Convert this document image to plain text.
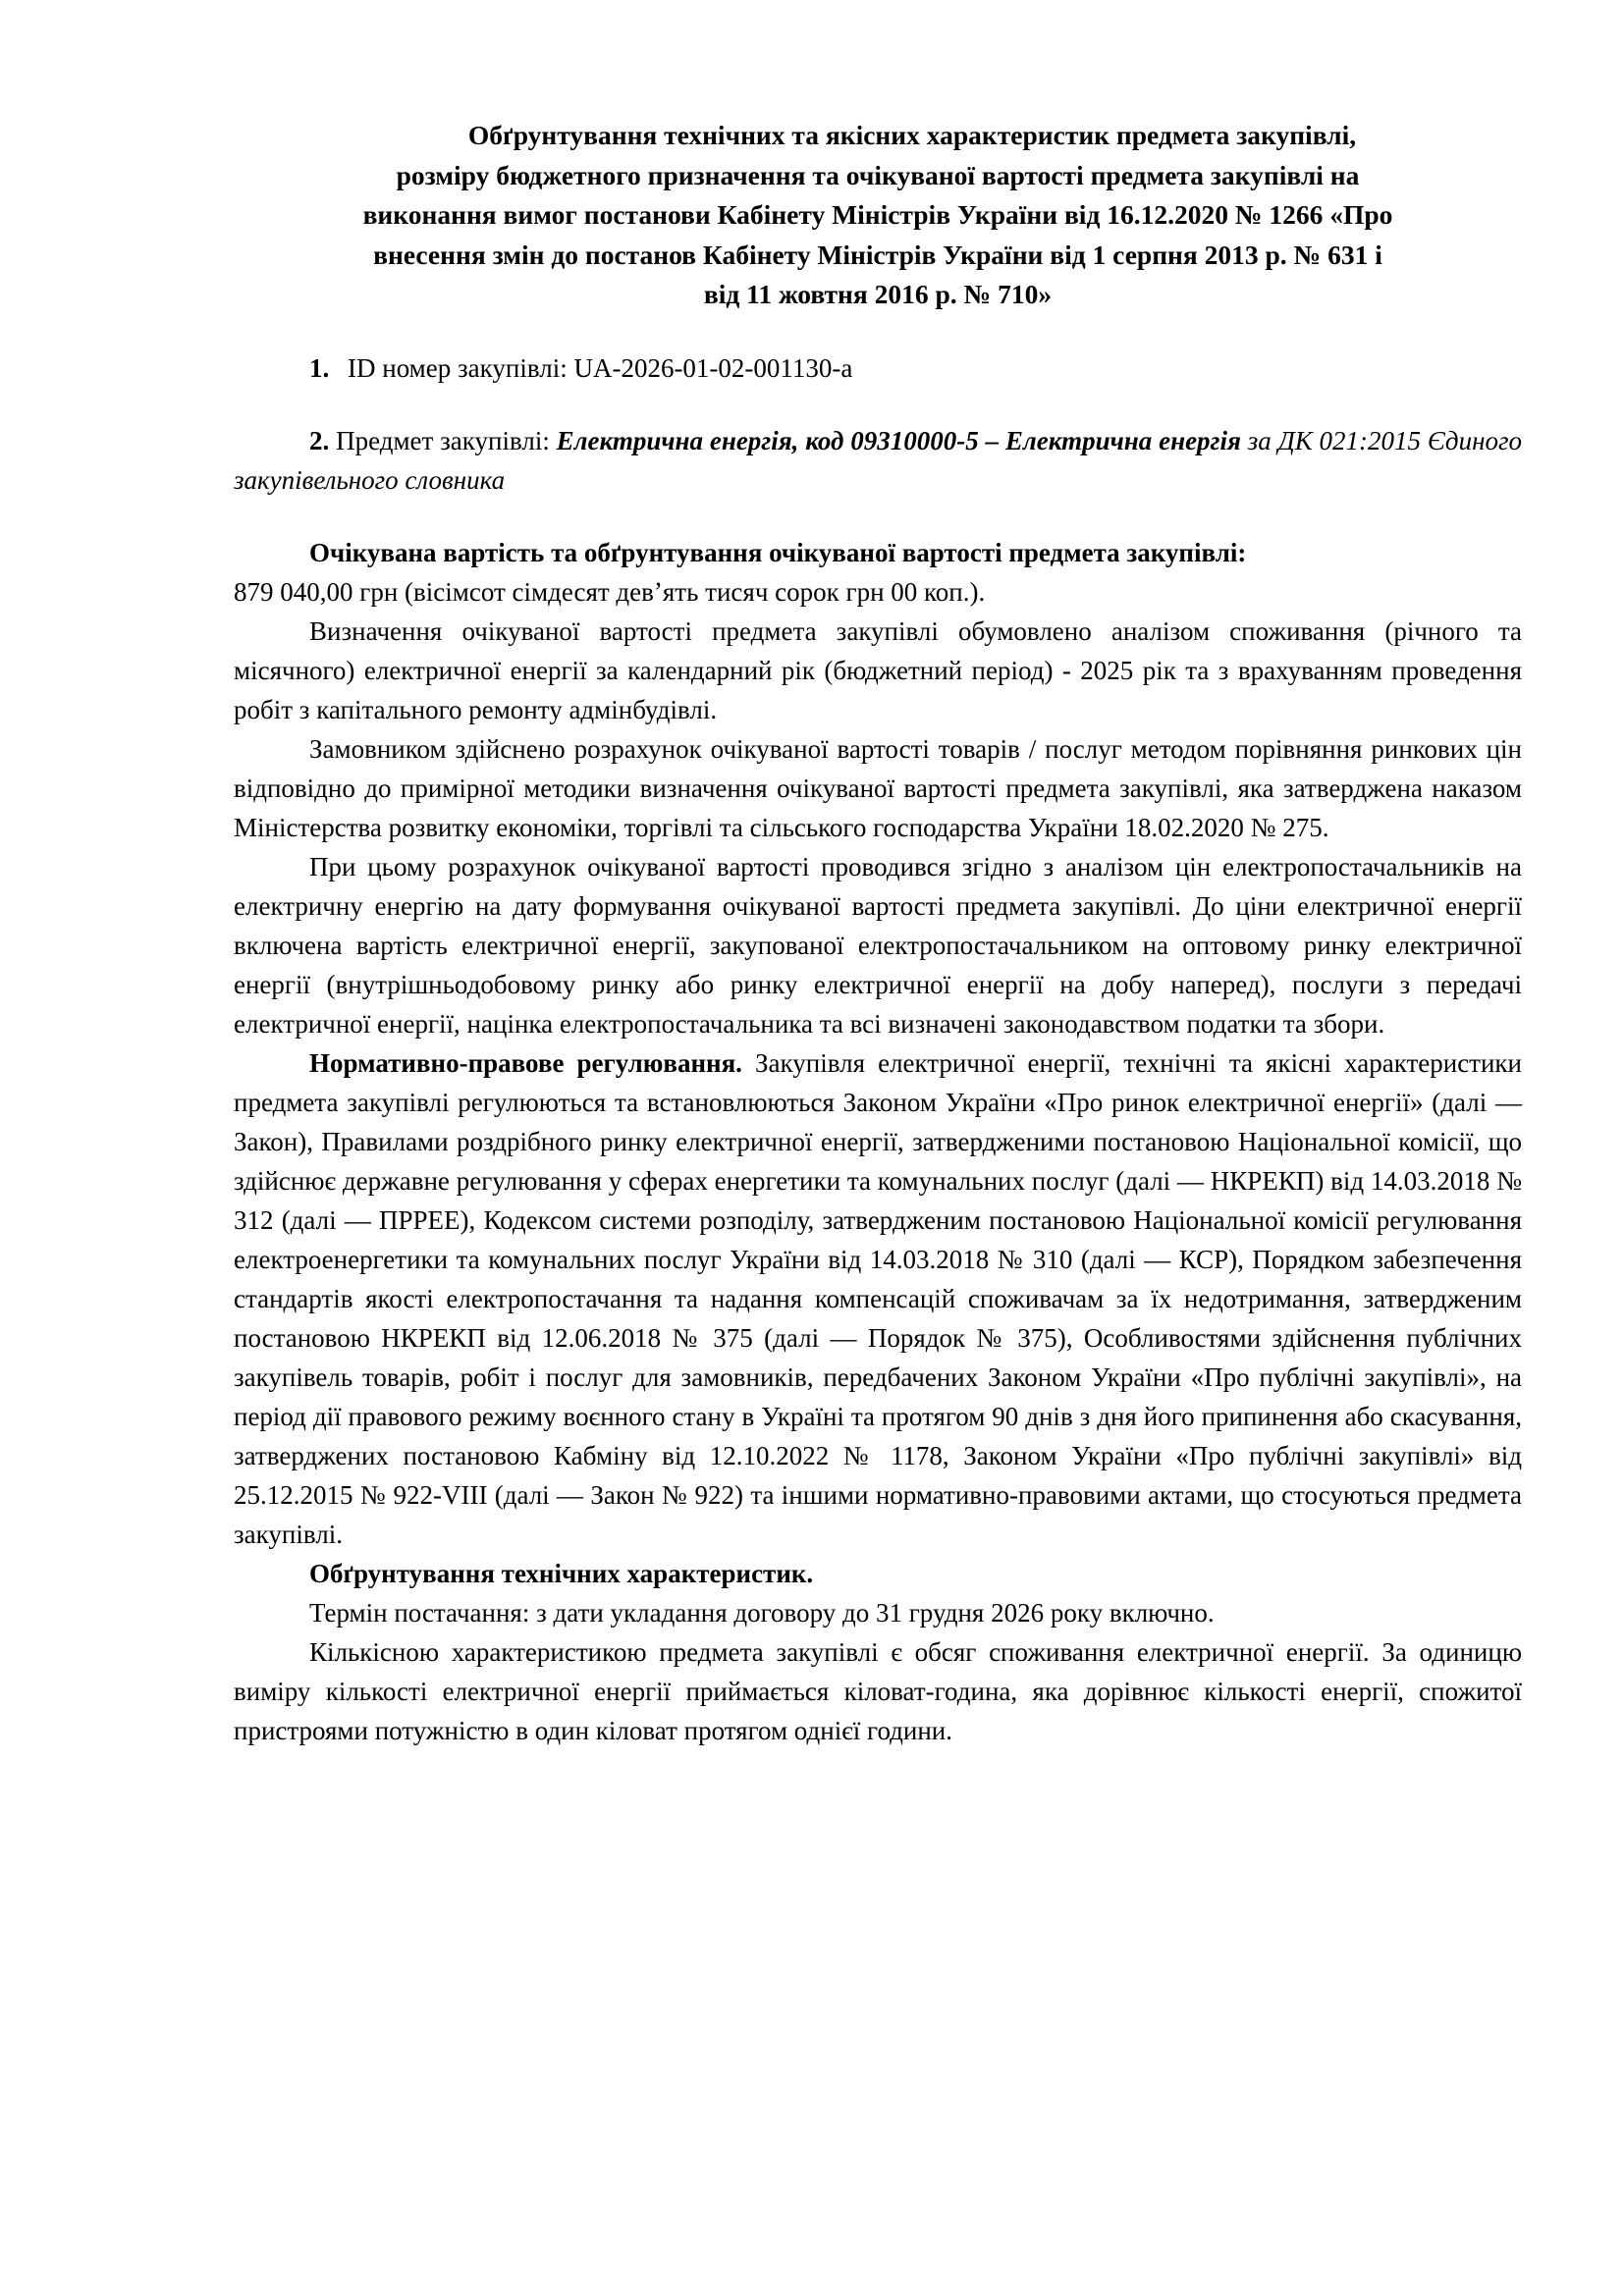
Обґрунтування технічних та якісних характеристик предмета закупівлі,
розміру бюджетного призначення та очікуваної вартості предмета закупівлі на
виконання вимог постанови Кабінету Міністрів України від 16.12.2020 № 1266 «Про
внесення змін до постанов Кабінету Міністрів України від 1 серпня 2013 р. № 631 і
від 11 жовтня 2016 р. № 710»
1. ID номер закупівлі: UA-2026-01-02-001130-a
2. Предмет закупівлі: Електрична енергія, код 09310000-5 – Електрична енергія за ДК 021:2015 Єдиного закупівельного словника

Очікувана вартість та обґрунтування очікуваної вартості предмета закупівлі:

879 040,00 грн (вісімсот сімдесят девʼять тисяч сорок грн 00 коп.).

Визначення очікуваної вартості предмета закупівлі обумовлено аналізом споживання (річного та місячного) електричної енергії за календарний рік (бюджетний період) - 2025 рік та з врахуванням проведення робіт з капітального ремонту адмінбудівлі.

Замовником здійснено розрахунок очікуваної вартості товарів / послуг методом порівняння ринкових цін відповідно до примірної методики визначення очікуваної вартості предмета закупівлі, яка затверджена наказом Міністерства розвитку економіки, торгівлі та сільського господарства України 18.02.2020 № 275.

При цьому розрахунок очікуваної вартості проводився згідно з аналізом цін електропостачальників на електричну енергію на дату формування очікуваної вартості предмета закупівлі. До ціни електричної енергії включена вартість електричної енергії, закупованої електропостачальником на оптовому ринку електричної енергії (внутрішньодобовому ринку або ринку електричної енергії на добу наперед), послуги з передачі електричної енергії, націнка електропостачальника та всі визначені законодавством податки та збори.

Нормативно-правове регулювання. Закупівля електричної енергії, технічні та якісні характеристики предмета закупівлі регулюються та встановлюються Законом України «Про ринок електричної енергії» (далі — Закон), Правилами роздрібного ринку електричної енергії, затвердженими постановою Національної комісії, що здійснює державне регулювання у сферах енергетики та комунальних послуг (далі — НКРЕКП) від 14.03.2018 № 312 (далі — ПРРЕЕ), Кодексом системи розподілу, затвердженим постановою Національної комісії регулювання електроенергетики та комунальних послуг України від 14.03.2018 № 310 (далі — КСР), Порядком забезпечення стандартів якості електропостачання та надання компенсацій споживачам за їх недотримання, затвердженим постановою НКРЕКП від 12.06.2018 № 375 (далі — Порядок № 375), Особливостями здійснення публічних закупівель товарів, робіт і послуг для замовників, передбачених Законом України «Про публічні закупівлі», на період дії правового режиму воєнного стану в Україні та протягом 90 днів з дня його припинення або скасування, затверджених постановою Кабміну від 12.10.2022 № 1178, Законом України «Про публічні закупівлі» від 25.12.2015 № 922-VIII (далі — Закон № 922) та іншими нормативно-правовими актами, що стосуються предмета закупівлі.

Обґрунтування технічних характеристик.

Термін постачання: з дати укладання договору до 31 грудня 2026 року включно.

Кількісною характеристикою предмета закупівлі є обсяг споживання електричної енергії. За одиницю виміру кількості електричної енергії приймається кіловат-година, яка дорівнює кількості енергії, спожитої пристроями потужністю в один кіловат протягом однієї години.
